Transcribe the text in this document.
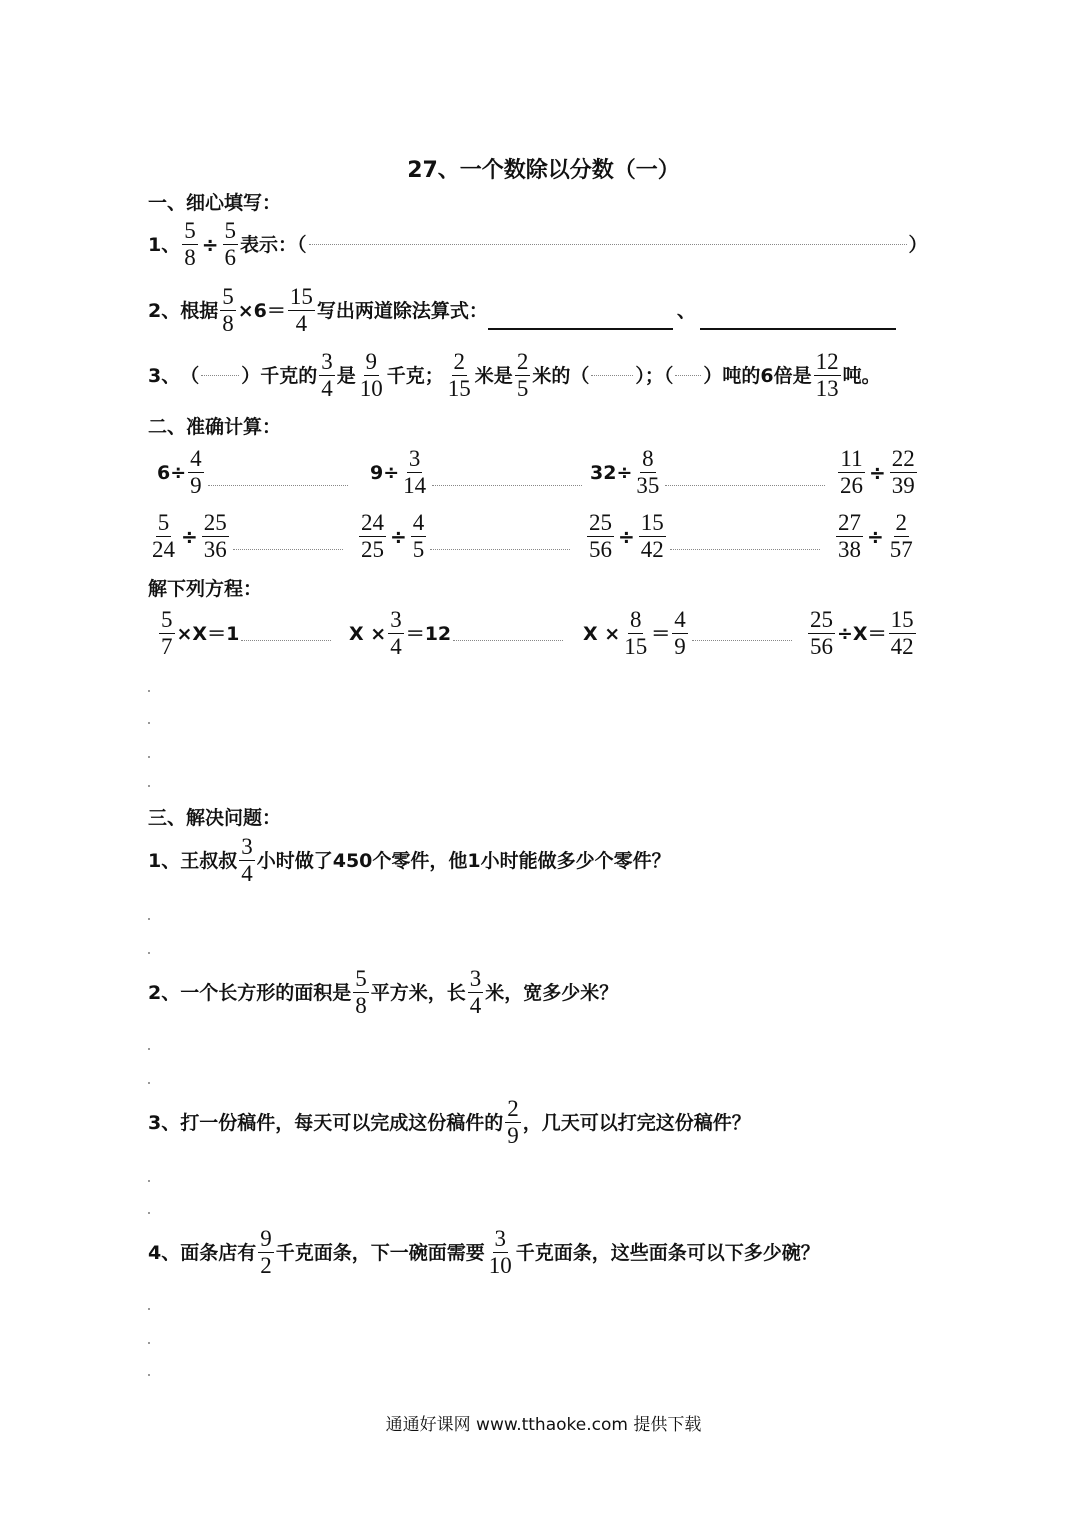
27、一个数除以分数（一）
一、细心填写：
1、 $\frac{5}{8} \div \frac{5}{6}$ 表示：（	）
2、 根据 $\frac{5}{8} \times 6= \frac{15}{4}$ 写出两道除法算式：	、
3、 （ ）千克的 $\frac{3}{4}$ 是 $\frac{9}{10}$ 千克； $\frac{2}{15}$ 米是 $\frac{2}{5}$ 米的（ ）；（ ）吨的6倍是 $\frac{12}{13}$ 吨。
二、准确计算：
$6\div \frac{4}{9}$	$9\div \frac{3}{14}$	$32\div \frac{8}{35}$	$\frac{11}{26} \div \frac{22}{39}$
$\frac{5}{24} \div \frac{25}{36}$	$\frac{24}{25} \div \frac{4}{5}$	$\frac{25}{56} \div \frac{15}{42}$	$\frac{27}{38} \div \frac{2}{57}$
解下列方程：
$\frac{5}{7} \times X=1$	$X \times \frac{3}{4} =12$	$X \times \frac{8}{15} = \frac{4}{9}$	$\frac{25}{56} \div X= \frac{15}{42}$
三、解决问题：
1、王叔叔 $\frac{3}{4}$ 小时做了450个零件，他1小时能做多少个零件？
2、一个长方形的面积是 $\frac{5}{8}$ 平方米，长 $\frac{3}{4}$ 米，宽多少米？
3、打一份稿件，每天可以完成这份稿件的 $\frac{2}{9}$ ，几天可以打完这份稿件？
4、面条店有 $\frac{9}{2}$ 千克面条，下一碗面需要 $\frac{3}{10}$ 千克面条，这些面条可以下多少碗？
通通好课网 www.tthaoke.com 提供下载
